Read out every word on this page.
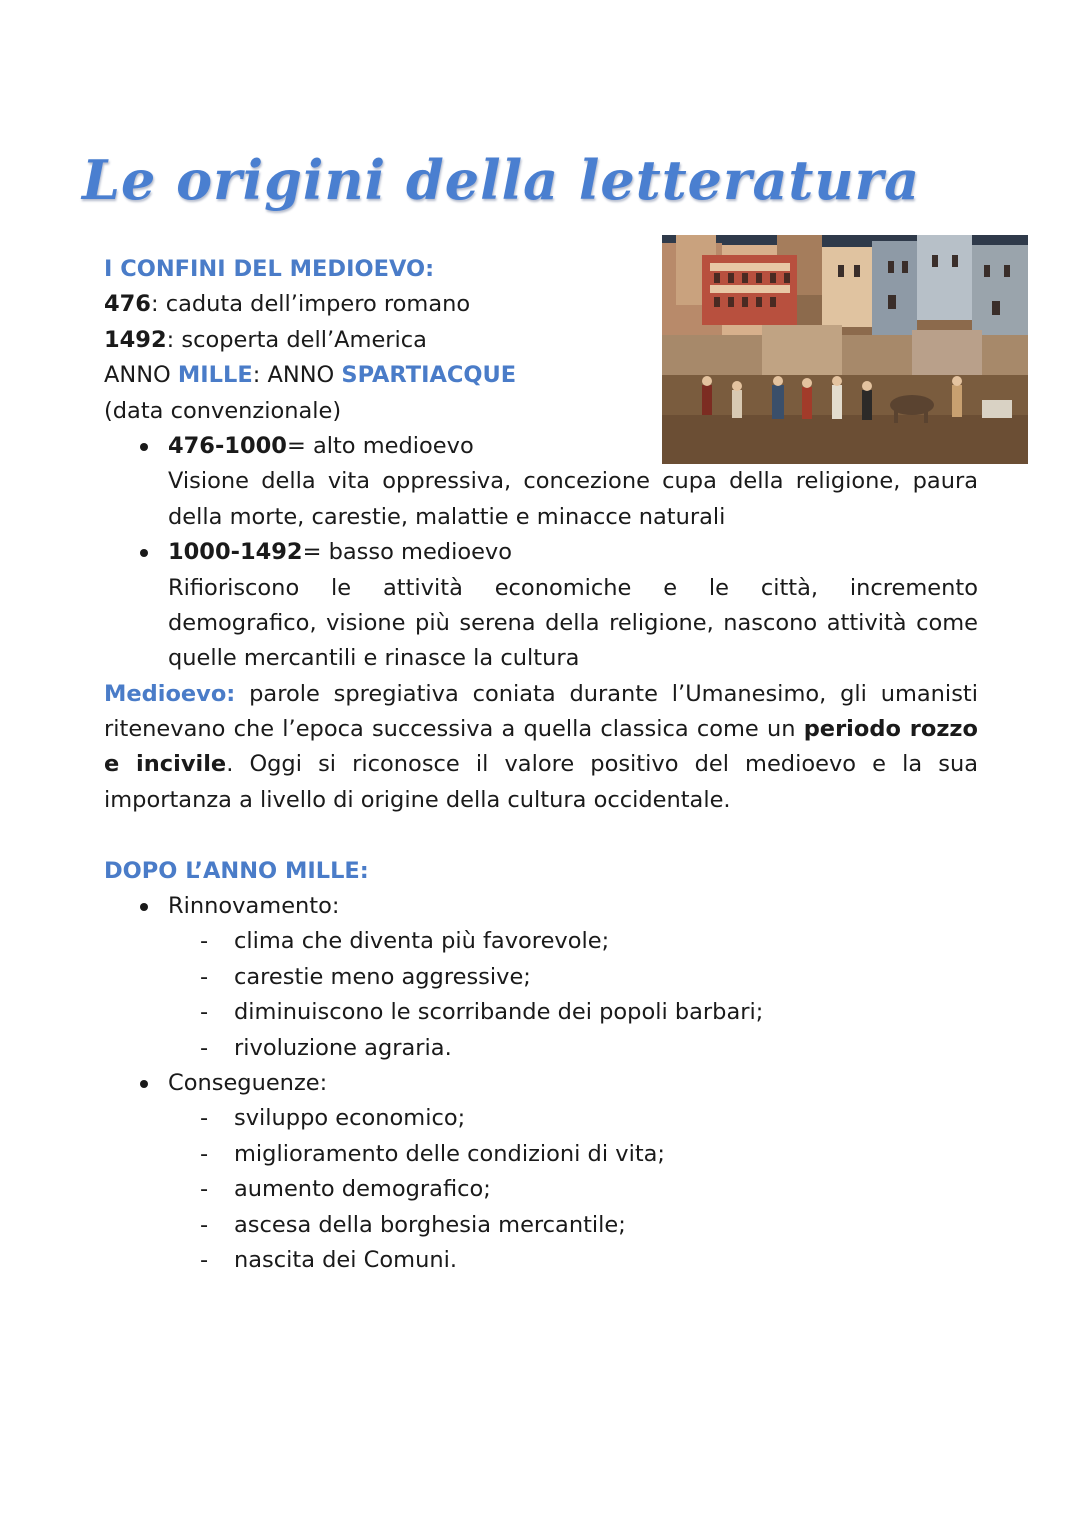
Le origini della letteratura
I CONFINI DEL MEDIOEVO:
476: caduta dell’impero romano
1492: scoperta dell’America
ANNO MILLE: ANNO SPARTIACQUE
(data convenzionale)
476-1000= alto medioevo
Visione della vita oppressiva, concezione cupa della religione, paura
della morte, carestie, malattie e minacce naturali
1000-1492= basso medioevo
Rifioriscono le attività economiche e le città, incremento
demografico, visione più serena della religione, nascono attività come
quelle mercantili e rinasce la cultura
Medioevo: parole spregiativa coniata durante l’Umanesimo, gli umanisti
ritenevano che l’epoca successiva a quella classica come un periodo rozzo
e incivile. Oggi si riconosce il valore positivo del medioevo e la sua
importanza a livello di origine della cultura occidentale.
DOPO L’ANNO MILLE:
Rinnovamento:
- clima che diventa più favorevole;
- carestie meno aggressive;
- diminuiscono le scorribande dei popoli barbari;
- rivoluzione agraria.
Conseguenze:
- sviluppo economico;
- miglioramento delle condizioni di vita;
- aumento demografico;
- ascesa della borghesia mercantile;
- nascita dei Comuni.
